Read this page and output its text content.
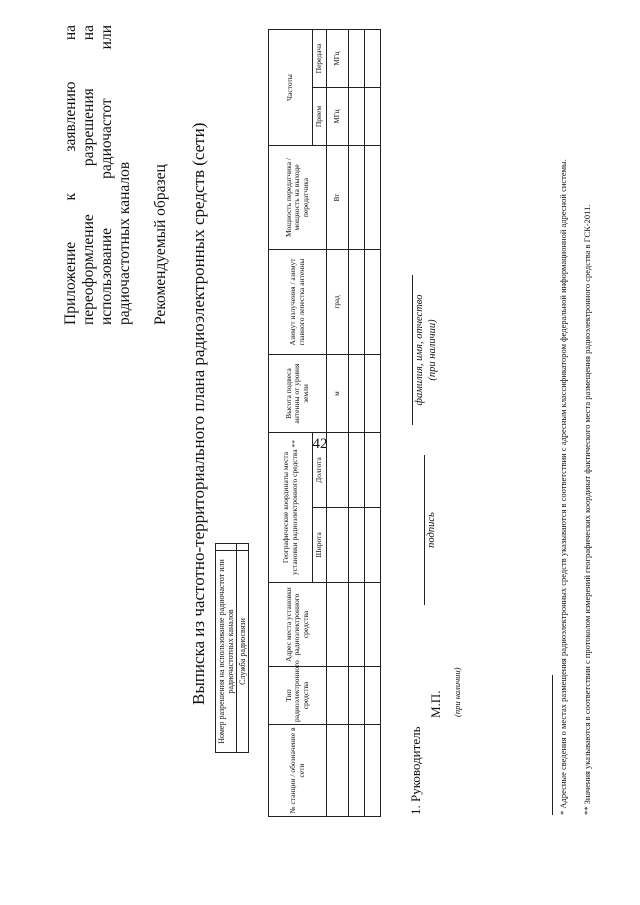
42
Приложение к заявлению на переоформление разрешения на использование радиочастот или радиочастотных каналов Рекомендуемый образец Выписка из частотно-территориального плана радиоэлектронных средств (сети) Номер разрешения на использование радиочастот или радиочастотных каналов	
Служба радиосвязи	
№ станции / обозначение в сети	Тип радиоэлектронного средства	Адрес места установки радиоэлектронного средства	Географические координаты места установки радиоэлектронного средства **		Высота подвеса антенны от уровня земли	Азимут излучения / азимут главного лепестка антенны	Мощность передатчика / мощность на выходе передатчика	Частоты	
			Широта	Долгота				Прием	Передача
					м	град	Вт	МГц	МГц

1. Руководитель
М.П. (при наличии)
подпись
фамилия, имя, отчество (при наличии)	* Адресные сведения о местах размещения радиоэлектронных средств указываются в соответствии с адресным классификатором федеральной информационной адресной системы. ** Значения указываются в соответствии с протоколом измерений географических координат фактического места размещения радиоэлектронного средства в ГСК-2011.
